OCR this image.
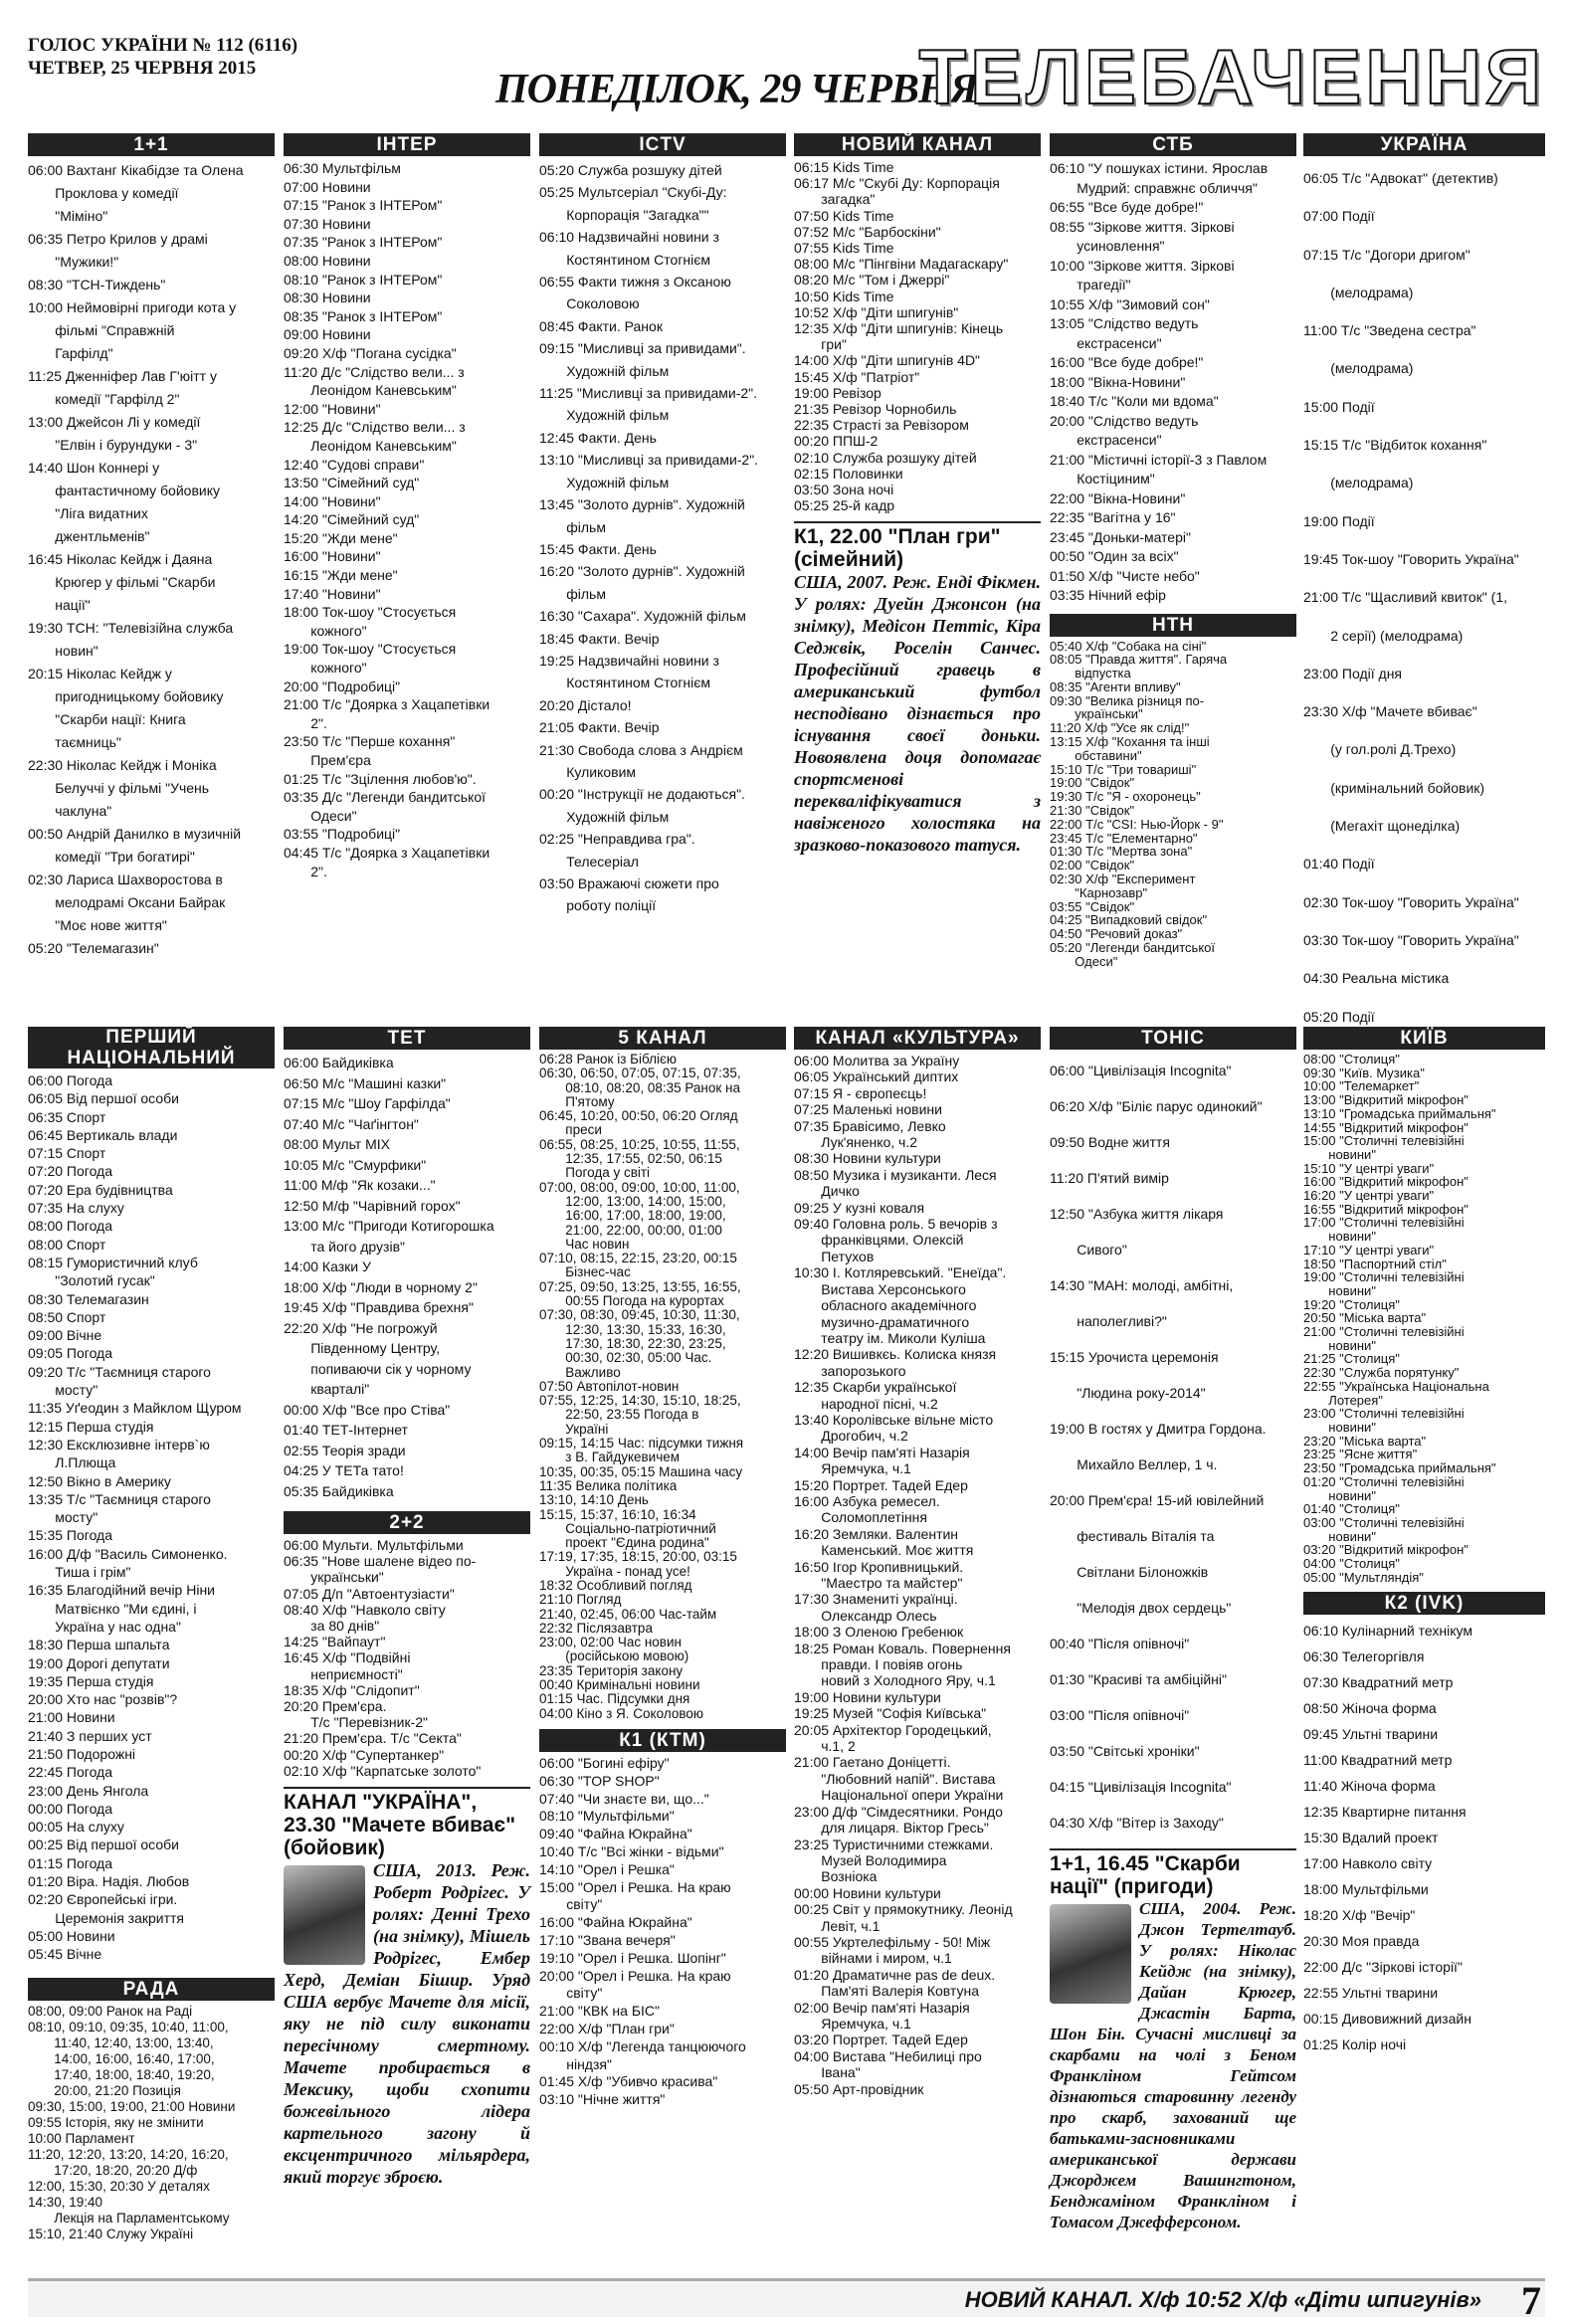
ГОЛОС УКРАЇНИ № 112 (6116)
ЧЕТВЕР, 25 ЧЕРВНЯ 2015	ПОНЕДІЛОК, 29 ЧЕРВНЯ
ТЕЛЕБАЧЕННЯ
1+1
06:00 Вахтанг Кікабідзе та Олена
Проклова у комедії
"Міміно"
06:35 Петро Крилов у драмі
"Мужики!"
08:30 "ТСН-Тиждень"
10:00 Неймовірні пригоди кота у
фільмі "Справжній
Гарфілд"
11:25 Дженніфер Лав Г'юітт у
комедії "Гарфілд 2"
13:00 Джейсон Лі у комедії
"Елвін і бурундуки - 3"
14:40 Шон Коннері у
фантастичному бойовику
"Ліга видатних
джентльменів"
16:45 Ніколас Кейдж і Даяна
Крюгер у фільмі "Скарби
нації"
19:30 ТСН: "Телевізійна служба
новин"
20:15 Ніколас Кейдж у
пригодницькому бойовику
"Скарби нації: Книга
таємниць"
22:30 Ніколас Кейдж і Моніка
Белуччі у фільмі "Учень
чаклуна"
00:50 Андрій Данилко в музичній
комедії "Три богатирі"
02:30 Лариса Шахворостова в
мелодрамі Оксани Байрак
"Моє нове життя"
05:20 "Телемагазин"
ІНТЕР
06:30 Мультфільм
07:00 Новини
07:15 "Ранок з ІНТЕРом"
07:30 Новини
07:35 "Ранок з ІНТЕРом"
08:00 Новини
08:10 "Ранок з ІНТЕРом"
08:30 Новини
08:35 "Ранок з ІНТЕРом"
09:00 Новини
09:20 Х/ф "Погана сусідка"
11:20 Д/с "Слідство вели... з
Леонідом Каневським"
12:00 "Новини"
12:25 Д/с "Слідство вели... з
Леонідом Каневським"
12:40 "Судові справи"
13:50 "Сімейний суд"
14:00 "Новини"
14:20 "Сімейний суд"
15:20 "Жди мене"
16:00 "Новини"
16:15 "Жди мене"
17:40 "Новини"
18:00 Ток-шоу "Стосується
кожного"
19:00 Ток-шоу "Стосується
кожного"
20:00 "Подробиці"
21:00 Т/с "Доярка з Хацапетівки
2".
23:50 Т/с "Перше кохання"
Прем'єра
01:25 Т/с "Зцілення любов'ю".
03:35 Д/с "Легенди бандитської
Одеси"
03:55 "Подробиці"
04:45 Т/с "Доярка з Хацапетівки
2".
ICTV
05:20 Служба розшуку дітей
05:25 Мультсеріал "Скубі-Ду:
Корпорація "Загадка""
06:10 Надзвичайні новини з
Костянтином Стогнієм
06:55 Факти тижня з Оксаною
Соколовою
08:45 Факти. Ранок
09:15 "Мисливці за привидами".
Художній фільм
11:25 "Мисливці за привидами-2".
Художній фільм
12:45 Факти. День
13:10 "Мисливці за привидами-2".
Художній фільм
13:45 "Золото дурнів". Художній
фільм
15:45 Факти. День
16:20 "Золото дурнів". Художній
фільм
16:30 "Сахара". Художній фільм
18:45 Факти. Вечір
19:25 Надзвичайні новини з
Костянтином Стогнієм
20:20 Дістало!
21:05 Факти. Вечір
21:30 Свобода слова з Андрієм
Куликовим
00:20 "Інструкції не додаються".
Художній фільм
02:25 "Неправдива гра".
Телесеріал
03:50 Вражаючі сюжети про
роботу поліції
НОВИЙ КАНАЛ
06:15 Kids Time
06:17 М/с "Скубі Ду: Корпорація
загадка"
07:50 Kids Time
07:52 М/с "Барбоскіни"
07:55 Kids Time
08:00 М/с "Пінгвіни Мадагаскару"
08:20 М/с "Том і Джеррі"
10:50 Kids Time
10:52 Х/ф "Діти шпигунів"
12:35 Х/ф "Діти шпигунів: Кінець
гри"
14:00 Х/ф "Діти шпигунів 4D"
15:45 Х/ф "Патріот"
19:00 Ревізор
21:35 Ревізор Чорнобиль
22:35 Страсті за Ревізором
00:20 ППШ-2
02:10 Служба розшуку дітей
02:15 Половинки
03:50 Зона ночі
05:25 25-й кадр
К1, 22.00 "План гри" (сімейний)
США, 2007. Реж. Енді Фікмен. У ролях: Дуейн Джонсон (на знімку), Медісон Петтіс, Кіра Седжвік, Роселін Санчес. Професійний гравець в американський футбол несподівано дізнається про існування своєї доньки. Новоявлена доця допомагає спортсменові перекваліфікуватися з навіженого холостяка на зразково-показового татуся.
СТБ
06:10 "У пошуках істини. Ярослав
Мудрий: справжнє обличчя"
06:55 "Все буде добре!"
08:55 "Зіркове життя. Зіркові
усиновлення"
10:00 "Зіркове життя. Зіркові
трагедії"
10:55 Х/ф "Зимовий сон"
13:05 "Слідство ведуть
екстрасенси"
16:00 "Все буде добре!"
18:00 "Вікна-Новини"
18:40 Т/с "Коли ми вдома"
20:00 "Слідство ведуть
екстрасенси"
21:00 "Містичні історії-3 з Павлом
Костіциним"
22:00 "Вікна-Новини"
22:35 "Вагітна у 16"
23:45 "Доньки-матері"
00:50 "Один за всіх"
01:50 Х/ф "Чисте небо"
03:35 Нічний ефір
НТН
05:40 Х/ф "Собака на сіні"
08:05 "Правда життя". Гаряча
відпустка
08:35 "Агенти впливу"
09:30 "Велика різниця по-
українськи"
11:20 Х/ф "Усе як слід!"
13:15 Х/ф "Кохання та інші
обставини"
15:10 Т/с "Три товариші"
19:00 "Свідок"
19:30 Т/с "Я - охоронець"
21:30 "Свідок"
22:00 Т/с "CSI: Нью-Йорк - 9"
23:45 Т/с "Елементарно"
01:30 Т/с "Мертва зона"
02:00 "Свідок"
02:30 Х/ф "Експеримент
"Карнозавр"
03:55 "Свідок"
04:25 "Випадковий свідок"
04:50 "Речовий доказ"
05:20 "Легенди бандитської
Одеси"
УКРАЇНА
06:05 Т/с "Адвокат" (детектив)
07:00 Події
07:15 Т/с "Догори дригом"
(мелодрама)
11:00 Т/с "Зведена сестра"
(мелодрама)
15:00 Події
15:15 Т/с "Відбиток кохання"
(мелодрама)
19:00 Події
19:45 Ток-шоу "Говорить Україна"
21:00 Т/с "Щасливий квиток" (1,
2 серії) (мелодрама)
23:00 Події дня
23:30 Х/ф "Мачете вбиває"
(у гол.ролі Д.Трехо)
(кримінальний бойовик)
(Мегахіт щонеділка)
01:40 Події
02:30 Ток-шоу "Говорить Україна"
03:30 Ток-шоу "Говорить Україна"
04:30 Реальна містика
05:20 Події
ПЕРШИЙ НАЦІОНАЛЬНИЙ
06:00 Погода
06:05 Від першої особи
06:35 Спорт
06:45 Вертикаль влади
07:15 Спорт
07:20 Погода
07:20 Ера будівництва
07:35 На слуху
08:00 Погода
08:00 Спорт
08:15 Гумористичний клуб
"Золотий гусак"
08:30 Телемагазин
08:50 Спорт
09:00 Вічне
09:05 Погода
09:20 Т/с "Таємниця старого
мосту"
11:35 Уґеодин з Майклом Щуром
12:15 Перша студія
12:30 Ексклюзивне інтерв`ю
Л.Плюща
12:50 Вікно в Америку
13:35 Т/с "Таємниця старого
мосту"
15:35 Погода
16:00 Д/ф "Василь Симоненко.
Тиша і грім"
16:35 Благодійний вечір Ніни
Матвієнко "Ми єдині, і
Україна у нас одна"
18:30 Перша шпальта
19:00 Дорогі депутати
19:35 Перша студія
20:00 Хто нас "розвів"?
21:00 Новини
21:40 З перших уст
21:50 Подорожні
22:45 Погода
23:00 День Янгола
00:00 Погода
00:05 На слуху
00:25 Від першої особи
01:15 Погода
01:20 Віра. Надія. Любов
02:20 Європейські ігри.
Церемонія закриття
05:00 Новини
05:45 Вічне
РАДА
08:00, 09:00 Ранок на Раді
08:10, 09:10, 09:35, 10:40, 11:00,
11:40, 12:40, 13:00, 13:40,
14:00, 16:00, 16:40, 17:00,
17:40, 18:00, 18:40, 19:20,
20:00, 21:20 Позиція
09:30, 15:00, 19:00, 21:00 Новини
09:55 Історія, яку не змінити
10:00 Парламент
11:20, 12:20, 13:20, 14:20, 16:20,
17:20, 18:20, 20:20 Д/ф
12:00, 15:30, 20:30 У деталях
14:30, 19:40
Лекція на Парламентському
15:10, 21:40 Служу Україні
ТЕТ
06:00 Байдиківка
06:50 М/с "Машині казки"
07:15 М/с "Шоу Гарфілда"
07:40 М/с "Чаґінгтон"
08:00 Мульт MIX
10:05 М/с "Смурфики"
11:00 М/ф "Як козаки..."
12:50 М/ф "Чарівний горох"
13:00 М/с "Пригоди Котигорошка
та його друзів"
14:00 Казки У
18:00 Х/ф "Люди в чорному 2"
19:45 Х/ф "Правдива брехня"
22:20 Х/ф "Не погрожуй
Південному Центру,
попиваючи сік у чорному
кварталі"
00:00 Х/ф "Все про Стіва"
01:40 ТЕТ-Інтернет
02:55 Теорія зради
04:25 У ТЕТа тато!
05:35 Байдиківка
2+2
06:00 Мульти. Мультфільми
06:35 "Нове шалене відео по-
українськи"
07:05 Д/п "Автоентузіасти"
08:40 Х/ф "Навколо світу
за 80 днів"
14:25 "Вайпаут"
16:45 Х/ф "Подвійні
неприємності"
18:35 Х/ф "Слідопит"
20:20 Прем'єра.
Т/с "Перевізник-2"
21:20 Прем'єра. Т/с "Секта"
00:20 Х/ф "Супертанкер"
02:10 Х/ф "Карпатське золото"
КАНАЛ "УКРАЇНА", 23.30 "Мачете вбиває" (бойовик)
США, 2013. Реж. Роберт Родрігес. У ролях: Денні Трехо (на знімку), Мішель Родрігес, Ембер Херд, Деміан Бішир. Уряд США вербує Мачете для місії, яку не під силу виконати пересічному смертному. Мачете пробирається в Мексику, щоби схопити божевільного лідера картельного загону й ексцентричного мільярдера, який торгує зброєю.
5 КАНАЛ
06:28 Ранок із Біблією
06:30, 06:50, 07:05, 07:15, 07:35,
08:10, 08:20, 08:35 Ранок на
П'ятому
06:45, 10:20, 00:50, 06:20 Огляд
преси
06:55, 08:25, 10:25, 10:55, 11:55,
12:35, 17:55, 02:50, 06:15
Погода у світі
07:00, 08:00, 09:00, 10:00, 11:00,
12:00, 13:00, 14:00, 15:00,
16:00, 17:00, 18:00, 19:00,
21:00, 22:00, 00:00, 01:00
Час новин
07:10, 08:15, 22:15, 23:20, 00:15
Бізнес-час
07:25, 09:50, 13:25, 13:55, 16:55,
00:55 Погода на курортах
07:30, 08:30, 09:45, 10:30, 11:30,
12:30, 13:30, 15:33, 16:30,
17:30, 18:30, 22:30, 23:25,
00:30, 02:30, 05:00 Час.
Важливо
07:50 Автопілот-новин
07:55, 12:25, 14:30, 15:10, 18:25,
22:50, 23:55 Погода в
Україні
09:15, 14:15 Час: підсумки тижня
з В. Гайдукевичем
10:35, 00:35, 05:15 Машина часу
11:35 Велика політика
13:10, 14:10 День
15:15, 15:37, 16:10, 16:34
Соціально-патріотичний
проект "Єдина родина"
17:19, 17:35, 18:15, 20:00, 03:15
Україна - понад усе!
18:32 Особливий погляд
21:10 Погляд
21:40, 02:45, 06:00 Час-тайм
22:32 Післязавтра
23:00, 02:00 Час новин
(російською мовою)
23:35 Територія закону
00:40 Кримінальні новини
01:15 Час. Підсумки дня
04:00 Кіно з Я. Соколовою
К1 (КТМ)
06:00 "Богині ефіру"
06:30 "TOP SHOP"
07:40 "Чи знаєте ви, що..."
08:10 "Мультфільми"
09:40 "Файна Юкрайна"
10:40 Т/с "Всі жінки - відьми"
14:10 "Орел і Решка"
15:00 "Орел і Решка. На краю
світу"
16:00 "Файна Юкрайна"
17:10 "Звана вечеря"
19:10 "Орел і Решка. Шопінг"
20:00 "Орел і Решка. На краю
світу"
21:00 "КВК на БІС"
22:00 Х/ф "План гри"
00:10 Х/ф "Легенда танцюючого
ніндзя"
01:45 Х/ф "Убивчо красива"
03:10 "Нічне життя"
КАНАЛ «КУЛЬТУРА»
06:00 Молитва за Україну
06:05 Український диптих
07:15 Я - європеєць!
07:25 Маленькі новини
07:35 Бравісимо, Левко
Лук'яненко, ч.2
08:30 Новини культури
08:50 Музика і музиканти. Леся
Дичко
09:25 У кузні коваля
09:40 Головна роль. 5 вечорів з
франківцями. Олексій
Петухов
10:30 І. Котляревський. "Енеїда".
Вистава Херсонського
обласного академічного
музично-драматичного
театру ім. Миколи Куліша
12:20 Вишивкєь. Колиска князя
запорозького
12:35 Скарби української
народної пісні, ч.2
13:40 Королівське вільне місто
Дрогобич, ч.2
14:00 Вечір пам'яті Назарія
Яремчука, ч.1
15:20 Портрет. Тадей Едер
16:00 Азбука ремесел.
Соломоплетіння
16:20 Земляки. Валентин
Каменський. Моє життя
16:50 Ігор Кропивницький.
"Маестро та майстер"
17:30 Знамениті українці.
Олександр Олесь
18:00 З Оленою Гребенюк
18:25 Роман Коваль. Повернення
правди. І повіяв огонь
новий з Холодного Яру, ч.1
19:00 Новини культури
19:25 Музей "Софія Київська"
20:05 Архітектор Городецький,
ч.1, 2
21:00 Гаетано Доніцетті.
"Любовний напій". Вистава
Національної опери України
23:00 Д/ф "Сімдесятники. Рондо
для лицаря. Віктор Гресь"
23:25 Туристичними стежками.
Музей Володимира
Возніока
00:00 Новини культури
00:25 Світ у прямокутнику. Леонід
Левіт, ч.1
00:55 Укртелефільму - 50! Між
війнами і миром, ч.1
01:20 Драматичне pas de deux.
Пам'яті Валерія Ковтуна
02:00 Вечір пам'яті Назарія
Яремчука, ч.1
03:20 Портрет. Тадей Едер
04:00 Вистава "Небилиці про
Івана"
05:50 Арт-провідник
ТОНІС
06:00 "Цивілізація Incognita"
06:20 Х/ф "Біліє парус одинокий"
09:50 Водне життя
11:20 П'ятий вимір
12:50 "Азбука життя лікаря
Сивого"
14:30 "МАН: молоді, амбітні,
наполегливі?"
15:15 Урочиста церемонія
"Людина року-2014"
19:00 В гостях у Дмитра Гордона.
Михайло Веллер, 1 ч.
20:00 Прем'єра! 15-ий ювілейний
фестиваль Віталія та
Світлани Білоножків
"Мелодія двох сердець"
00:40 "Після опівночі"
01:30 "Красиві та амбіційні"
03:00 "Після опівночі"
03:50 "Світські хроніки"
04:15 "Цивілізація Incognita"
04:30 Х/ф "Вітер із Заходу"
1+1, 16.45 "Скарби нації" (пригоди)
США, 2004. Реж. Джон Тертелтауб. У ролях: Ніколас Кейдж (на знімку), Дайан Крюгер, Джастін Барта, Шон Бін. Сучасні мисливці за скарбами на чолі з Беном Франкліном Гейтсом дізнаються старовинну легенду про скарб, захований ще батьками-засновниками американської держави Джорджем Вашингтоном, Бенджаміном Франкліном і Томасом Джефферсоном.
КИЇВ
08:00 "Столиця"
09:30 "Київ. Музика"
10:00 "Телемаркет"
13:00 "Відкритий мікрофон"
13:10 "Громадська приймальня"
14:55 "Відкритий мікрофон"
15:00 "Столичні телевізійні
новини"
15:10 "У центрі уваги"
16:00 "Відкритий мікрофон"
16:20 "У центрі уваги"
16:55 "Відкритий мікрофон"
17:00 "Столичні телевізійні
новини"
17:10 "У центрі уваги"
18:50 "Паспортний стіл"
19:00 "Столичні телевізійні
новини"
19:20 "Столиця"
20:50 "Міська варта"
21:00 "Столичні телевізійні
новини"
21:25 "Столиця"
22:30 "Служба порятунку"
22:55 "Українська Національна
Лотерея"
23:00 "Столичні телевізійні
новини"
23:20 "Міська варта"
23:25 "Ясне життя"
23:50 "Громадська приймальня"
01:20 "Столичні телевізійні
новини"
01:40 "Столиця"
03:00 "Столичні телевізійні
новини"
03:20 "Відкритий мікрофон"
04:00 "Столиця"
05:00 "Мультляндія"
К2 (IVK)
06:10 Кулінарний технікум
06:30 Телегоргівля
07:30 Квадратний метр
08:50 Жіноча форма
09:45 Ультні тварини
11:00 Квадратний метр
11:40 Жіноча форма
12:35 Квартирне питання
15:30 Вдалий проект
17:00 Навколо світу
18:00 Мультфільми
18:20 Х/ф "Вечір"
20:30 Моя правда
22:00 Д/с "Зіркові історії"
22:55 Ультні тварини
00:15 Дивовижний дизайн
01:25 Колір ночі
НОВИЙ КАНАЛ. Х/ф 10:52 Х/ф «Діти шпигунів» 7
